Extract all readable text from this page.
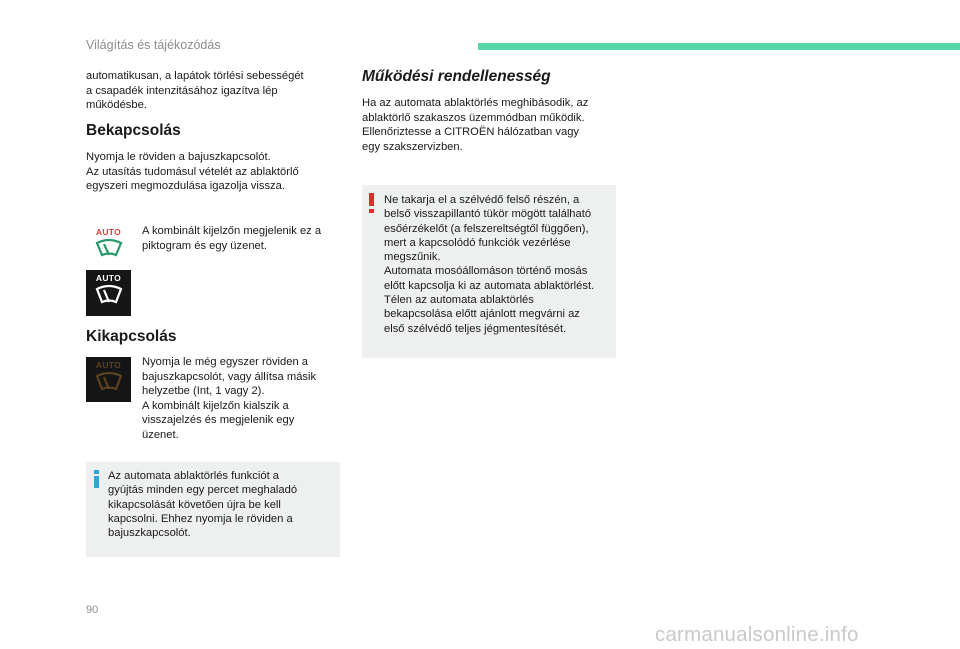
Világítás és tájékozódás
automatikusan, a lapátok törlési sebességét
a csapadék intenzitásához igazítva lép
működésbe.
Bekapcsolás
Nyomja le röviden a bajuszkapcsolót.
Az utasítás tudomásul vételét az ablaktörlő
egyszeri megmozdulása igazolja vissza.
AUTO
AUTO
A kombinált kijelzőn megjelenik ez a
piktogram és egy üzenet.
Kikapcsolás
AUTO Nyomja le még egyszer röviden a
bajuszkapcsolót, vagy állítsa másik
helyzetbe (Int, 1 vagy 2).
A kombinált kijelzőn kialszik a
visszajelzés és megjelenik egy
üzenet.
Az automata ablaktörlés funkciót a
gyújtás minden egy percet meghaladó
kikapcsolását követően újra be kell
kapcsolni. Ehhez nyomja le röviden a
bajuszkapcsolót.
Működési rendellenesség
Ha az automata ablaktörlés meghibásodik, az
ablaktörlő szakaszos üzemmódban működik.
Ellenőriztesse a CITROËN hálózatban vagy
egy szakszervizben.
Ne takarja el a szélvédő felső részén, a
belső visszapillantó tükör mögött található
esőérzékelőt (a felszereltségtől függően),
mert a kapcsolódó funkciók vezérlése
megszűnik.
Automata mosóállomáson történő mosás
előtt kapcsolja ki az automata ablaktörlést.
Télen az automata ablaktörlés
bekapcsolása előtt ajánlott megvárni az
első szélvédő teljes jégmentesítését.
90
carmanualsonline.info
